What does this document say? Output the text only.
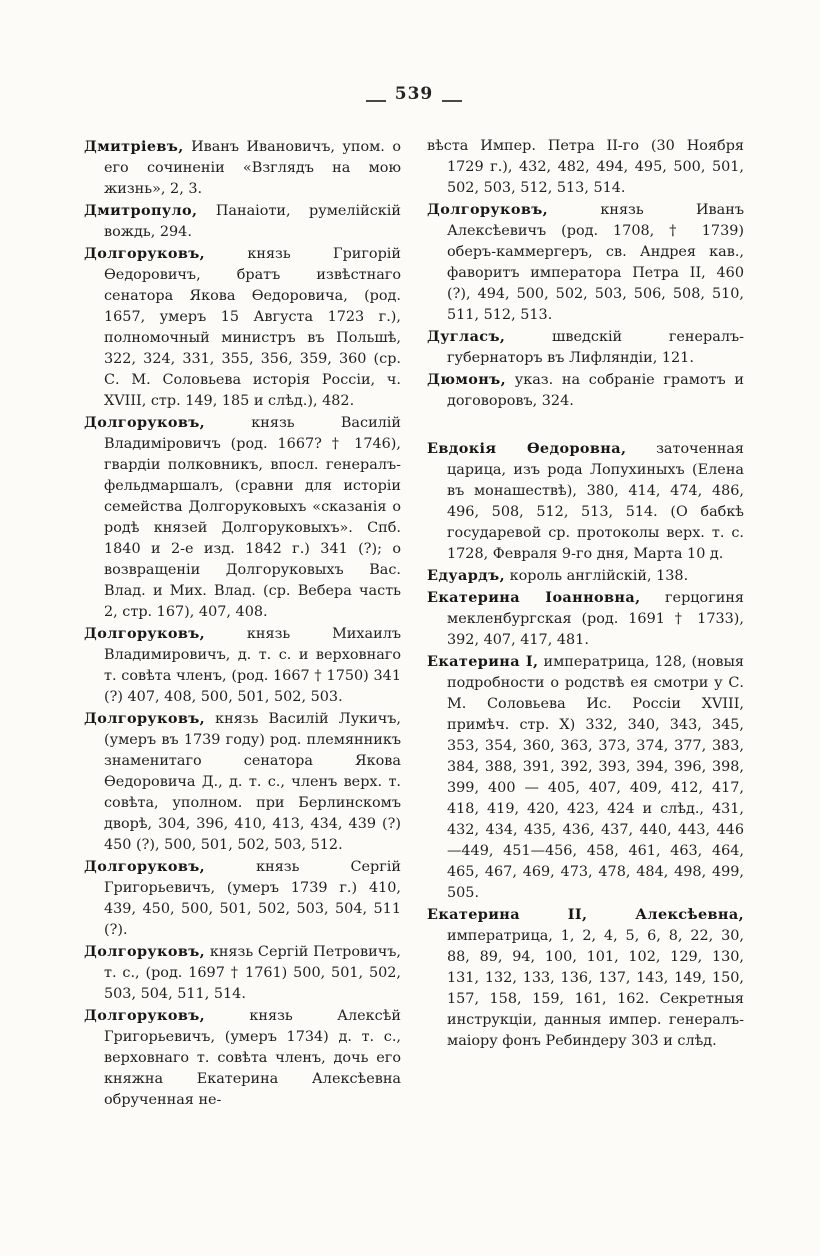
539

Дмитріевъ, Иванъ Ивановичъ, упом. о его сочиненіи «Взглядъ на мою жизнь», 2, 3.

Дмитропуло, Панаіоти, румелійскій вождь, 294.

Долгоруковъ, князь Григорій Ѳедоровичъ, братъ извѣстнаго сенатора Якова Ѳедоровича, (род. 1657, умеръ 15 Августа 1723 г.), полномочный министръ въ Польшѣ, 322, 324, 331, 355, 356, 359, 360 (ср. С. М. Соловьева исторія Россіи, ч. XVIII, стр. 149, 185 и слѣд.), 482.

Долгоруковъ, князь Василій Владиміровичъ (род. 1667? † 1746), гвардіи полковникъ, впосл. генералъ-фельдмаршалъ, (сравни для исторіи семейства Долгоруковыхъ «сказанія о родѣ князей Долгоруковыхъ». Спб. 1840 и 2-е изд. 1842 г.) 341 (?); о возвращеніи Долгоруковыхъ Вас. Влад. и Мих. Влад. (ср. Вебера часть 2, стр. 167), 407, 408.

Долгоруковъ, князь Михаилъ Владимировичъ, д. т. с. и верховнаго т. совѣта членъ, (род. 1667 † 1750) 341 (?) 407, 408, 500, 501, 502, 503.

Долгоруковъ, князь Василій Лукичъ, (умеръ въ 1739 году) род. племянникъ знаменитаго сенатора Якова Ѳедоровича Д., д. т. с., членъ верх. т. совѣта, уполном. при Берлинскомъ дворѣ, 304, 396, 410, 413, 434, 439 (?) 450 (?), 500, 501, 502, 503, 512.

Долгоруковъ, князь Сергій Григорьевичъ, (умеръ 1739 г.) 410, 439, 450, 500, 501, 502, 503, 504, 511 (?).

Долгоруковъ, князь Сергій Петровичъ, т. с., (род. 1697 † 1761) 500, 501, 502, 503, 504, 511, 514.

Долгоруковъ, князь Алексѣй Григорьевичъ, (умеръ 1734) д. т. с., верховнаго т. совѣта членъ, дочь его княжна Екатерина Алексѣевна обрученная не-

вѣста Импер. Петра II-го (30 Ноября 1729 г.), 432, 482, 494, 495, 500, 501, 502, 503, 512, 513, 514.

Долгоруковъ, князь Иванъ Алексѣевичъ (род. 1708, † 1739) оберъ-каммергеръ, св. Андрея кав., фаворитъ императора Петра II, 460 (?), 494, 500, 502, 503, 506, 508, 510, 511, 512, 513.

Дугласъ, шведскій генералъ-губернаторъ въ Лифляндіи, 121.

Дюмонъ, указ. на собраніе грамотъ и договоровъ, 324.

Евдокія Ѳедоровна, заточенная царица, изъ рода Лопухиныхъ (Елена въ монашествѣ), 380, 414, 474, 486, 496, 508, 512, 513, 514. (О бабкѣ государевой ср. протоколы верх. т. с. 1728, Февраля 9-го дня, Марта 10 д.

Едуардъ, король англійскій, 138.

Екатерина Іоанновна, герцогиня мекленбургская (род. 1691 † 1733), 392, 407, 417, 481.

Екатерина I, императрица, 128, (новыя подробности о родствѣ ея смотри у С. М. Соловьева Ис. Россіи XVIII, примѣч. стр. X) 332, 340, 343, 345, 353, 354, 360, 363, 373, 374, 377, 383, 384, 388, 391, 392, 393, 394, 396, 398, 399, 400 — 405, 407, 409, 412, 417, 418, 419, 420, 423, 424 и слѣд., 431, 432, 434, 435, 436, 437, 440, 443, 446—449, 451—456, 458, 461, 463, 464, 465, 467, 469, 473, 478, 484, 498, 499, 505.

Екатерина II, Алексѣевна, императрица, 1, 2, 4, 5, 6, 8, 22, 30, 88, 89, 94, 100, 101, 102, 129, 130, 131, 132, 133, 136, 137, 143, 149, 150, 157, 158, 159, 161, 162. Секретныя инструкціи, данныя импер. генералъ-маіору фонъ Ребиндеру 303 и слѣд.
